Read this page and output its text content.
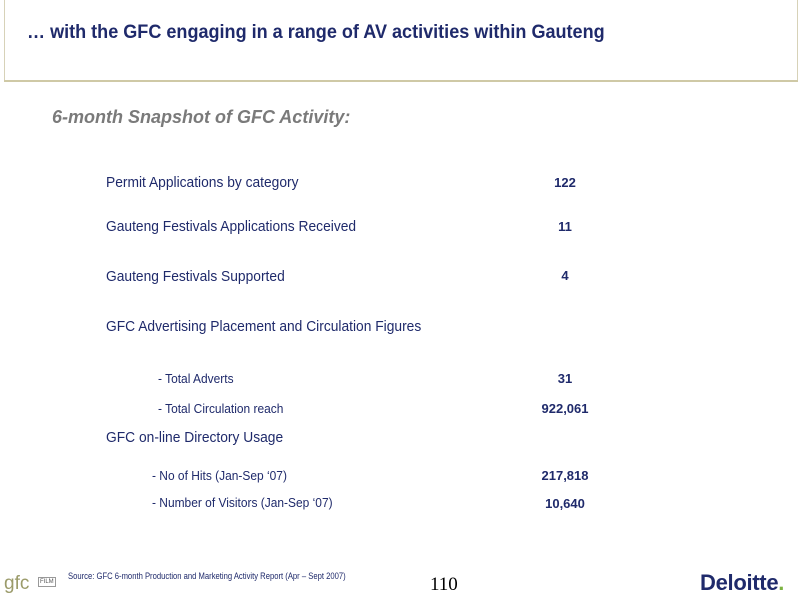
… with the GFC engaging in a range of AV activities within Gauteng
6-month Snapshot of GFC Activity:
Permit Applications by category	122
Gauteng Festivals Applications Received	11
Gauteng Festivals Supported	4
GFC Advertising Placement and Circulation Figures
- Total Adverts	31
- Total Circulation reach	922,061
GFC on-line Directory Usage
- No of Hits (Jan-Sep ‘07)	217,818
- Number of Visitors (Jan-Sep ‘07)	10,640
gfc	FILM
Source: GFC 6-month Production and Marketing Activity Report (Apr – Sept 2007)	110	Deloitte.
